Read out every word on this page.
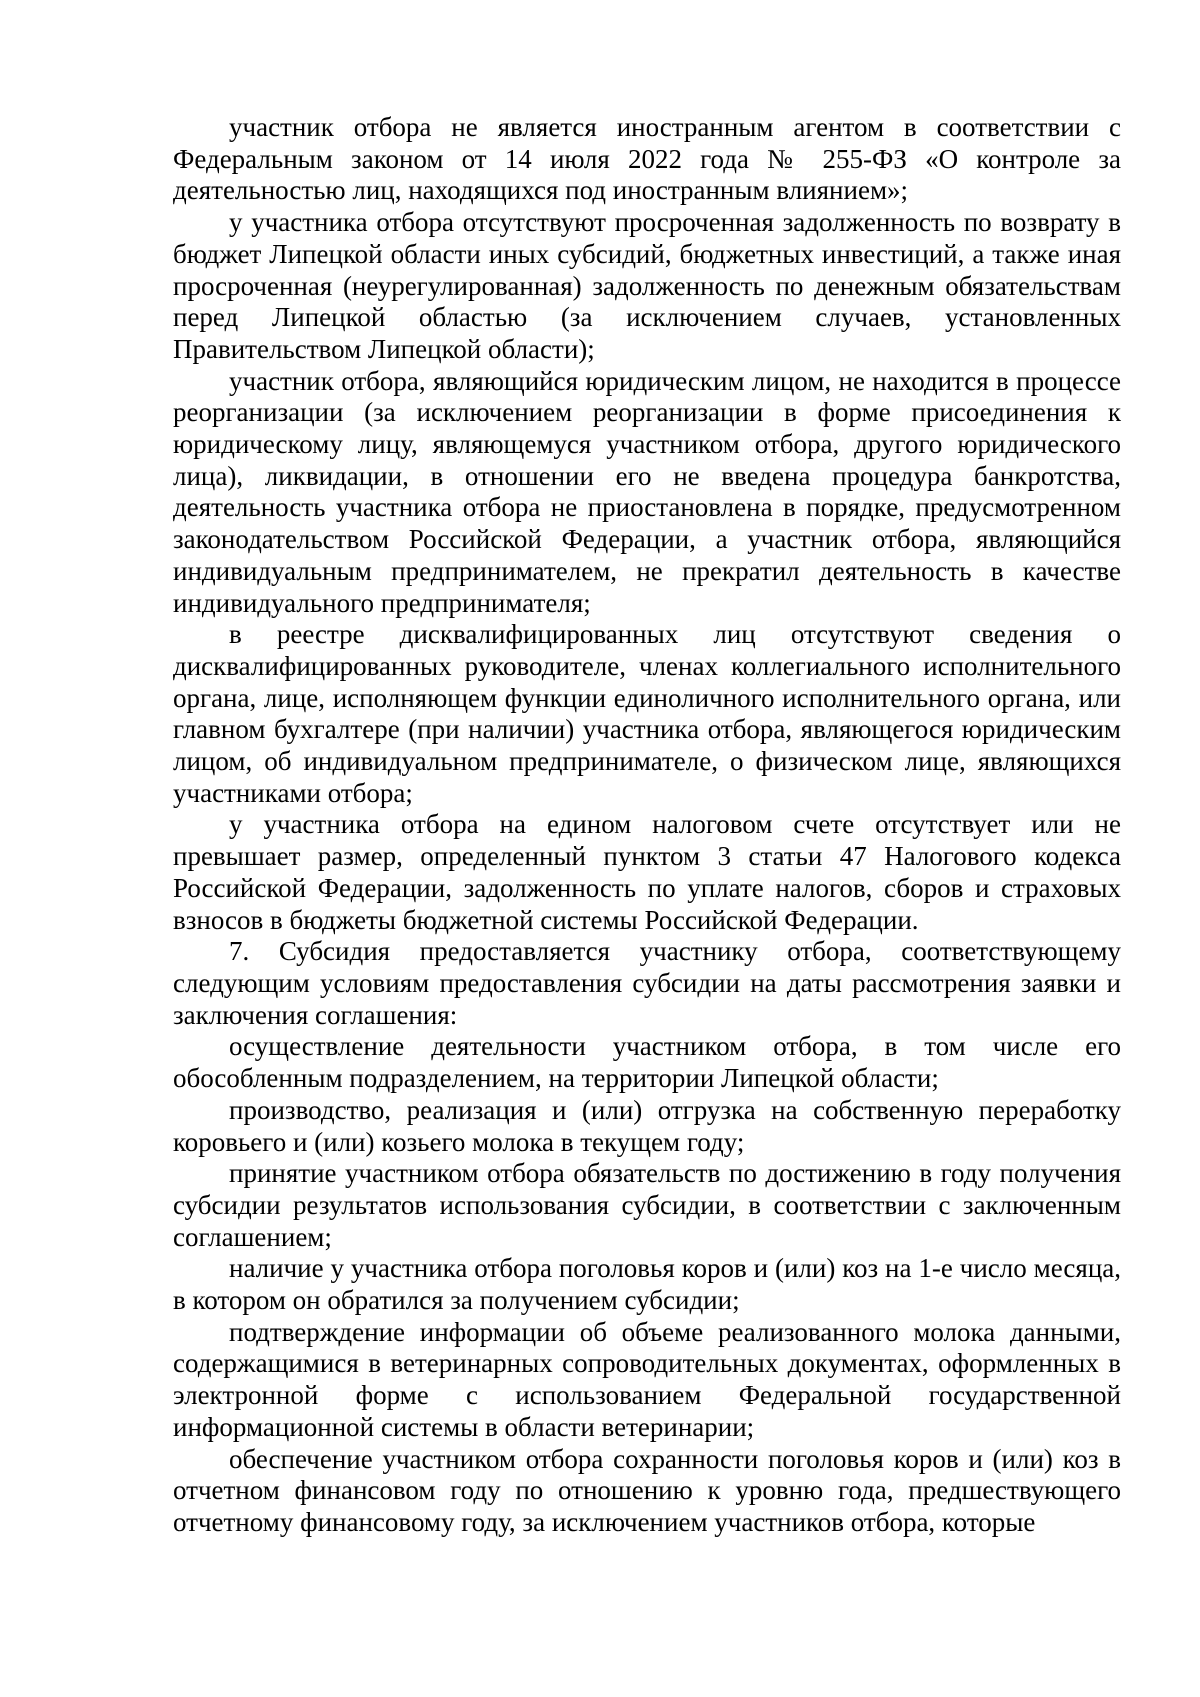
участник отбора не является иностранным агентом в соответствии с Федеральным законом от 14 июля 2022 года № 255-ФЗ «О контроле за деятельностью лиц, находящихся под иностранным влиянием»;

у участника отбора отсутствуют просроченная задолженность по возврату в бюджет Липецкой области иных субсидий, бюджетных инвестиций, а также иная просроченная (неурегулированная) задолженность по денежным обязательствам перед Липецкой областью (за исключением случаев, установленных Правительством Липецкой области);

участник отбора, являющийся юридическим лицом, не находится в процессе реорганизации (за исключением реорганизации в форме присоединения к юридическому лицу, являющемуся участником отбора, другого юридического лица), ликвидации, в отношении его не введена процедура банкротства, деятельность участника отбора не приостановлена в порядке, предусмотренном законодательством Российской Федерации, а участник отбора, являющийся индивидуальным предпринимателем, не прекратил деятельность в качестве индивидуального предпринимателя;

в реестре дисквалифицированных лиц отсутствуют сведения о дисквалифицированных руководителе, членах коллегиального исполнительного органа, лице, исполняющем функции единоличного исполнительного органа, или главном бухгалтере (при наличии) участника отбора, являющегося юридическим лицом, об индивидуальном предпринимателе, о физическом лице, являющихся участниками отбора;

у участника отбора на едином налоговом счете отсутствует или не превышает размер, определенный пунктом 3 статьи 47 Налогового кодекса Российской Федерации, задолженность по уплате налогов, сборов и страховых взносов в бюджеты бюджетной системы Российской Федерации.

7. Субсидия предоставляется участнику отбора, соответствующему следующим условиям предоставления субсидии на даты рассмотрения заявки и заключения соглашения:

осуществление деятельности участником отбора, в том числе его обособленным подразделением, на территории Липецкой области;

производство, реализация и (или) отгрузка на собственную переработку коровьего и (или) козьего молока в текущем году;

принятие участником отбора обязательств по достижению в году получения субсидии результатов использования субсидии, в соответствии с заключенным соглашением;

наличие у участника отбора поголовья коров и (или) коз на 1-е число месяца, в котором он обратился за получением субсидии;

подтверждение информации об объеме реализованного молока данными, содержащимися в ветеринарных сопроводительных документах, оформленных в электронной форме с использованием Федеральной государственной информационной системы в области ветеринарии;

обеспечение участником отбора сохранности поголовья коров и (или) коз в отчетном финансовом году по отношению к уровню года, предшествующего отчетному финансовому году, за исключением участников отбора, которые
